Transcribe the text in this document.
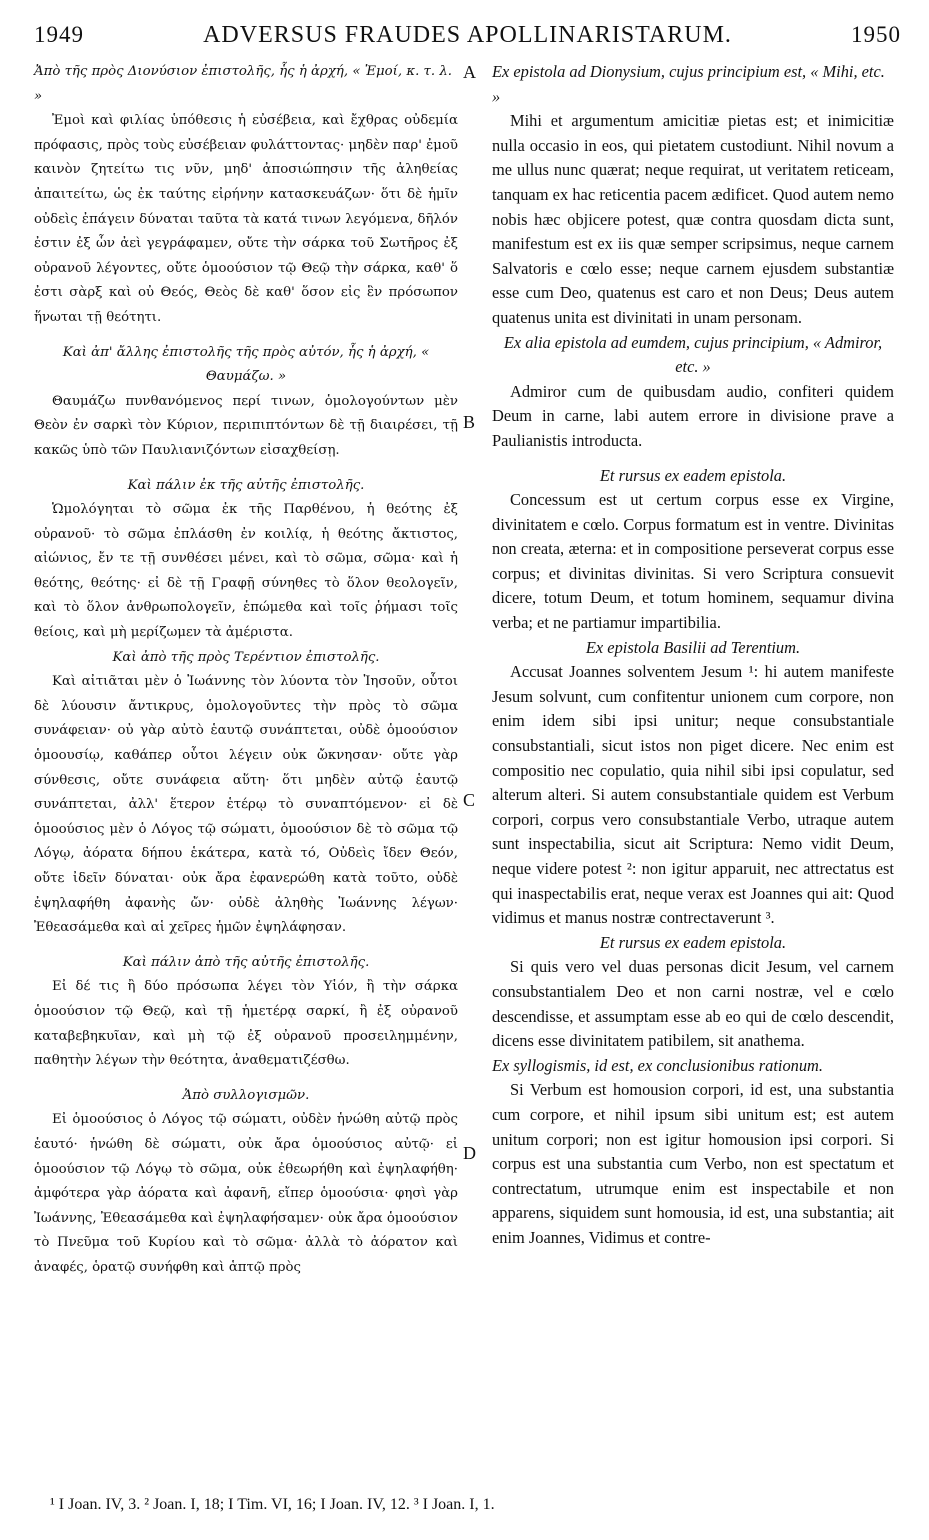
1949	ADVERSUS FRAUDES APOLLINARISTARUM.	1950
A
B
C
D

Ἀπὸ τῆς πρὸς Διονύσιον ἐπιστολῆς, ἧς ἡ ἀρχή, « Ἐμοί, κ. τ. λ. »

Ἐμοὶ καὶ φιλίας ὑπόθεσις ἡ εὐσέβεια, καὶ ἔχθρας οὐδεμία πρόφασις, πρὸς τοὺς εὐσέβειαν φυλάττοντας· μηδὲν παρ' ἐμοῦ καινὸν ζητείτω τις νῦν, μηδ' ἀποσιώπησιν τῆς ἀληθείας ἀπαιτείτω, ὡς ἐκ ταύτης εἰρήνην κατασκευάζων· ὅτι δὲ ἡμῖν οὐδεὶς ἐπάγειν δύναται ταῦτα τὰ κατά τινων λεγόμενα, δῆλόν ἐστιν ἐξ ὧν ἀεὶ γεγράφαμεν, οὔτε τὴν σάρκα τοῦ Σωτῆρος ἐξ οὐρανοῦ λέγοντες, οὔτε ὁμοούσιον τῷ Θεῷ τὴν σάρκα, καθ' ὅ ἐστι σὰρξ καὶ οὐ Θεός, Θεὸς δὲ καθ' ὅσον εἰς ἓν πρόσωπον ἥνωται τῇ θεότητι.

Καὶ ἀπ' ἄλλης ἐπιστολῆς τῆς πρὸς αὐτόν, ἧς ἡ ἀρχή, « Θαυμάζω. »

Θαυμάζω πυνθανόμενος περί τινων, ὁμολογούντων μὲν Θεὸν ἐν σαρκὶ τὸν Κύριον, περιπιπτόντων δὲ τῇ διαιρέσει, τῇ κακῶς ὑπὸ τῶν Παυλιανιζόντων εἰσαχθείσῃ.

Καὶ πάλιν ἐκ τῆς αὐτῆς ἐπιστολῆς.

Ὡμολόγηται τὸ σῶμα ἐκ τῆς Παρθένου, ἡ θεότης ἐξ οὐρανοῦ· τὸ σῶμα ἐπλάσθη ἐν κοιλίᾳ, ἡ θεότης ἄκτιστος, αἰώνιος, ἔν τε τῇ συνθέσει μένει, καὶ τὸ σῶμα, σῶμα· καὶ ἡ θεότης, θεότης· εἰ δὲ τῇ Γραφῇ σύνηθες τὸ ὅλον θεολογεῖν, καὶ τὸ ὅλον ἀνθρωπολογεῖν, ἑπώμεθα καὶ τοῖς ῥήμασι τοῖς θείοις, καὶ μὴ μερίζωμεν τὰ ἀμέριστα.

Καὶ ἀπὸ τῆς πρὸς Τερέντιον ἐπιστολῆς.

Καὶ αἰτιᾶται μὲν ὁ Ἰωάννης τὸν λύοντα τὸν Ἰησοῦν, οὗτοι δὲ λύουσιν ἄντικρυς, ὁμολογοῦντες τὴν πρὸς τὸ σῶμα συνάφειαν· οὐ γὰρ αὐτὸ ἑαυτῷ συνάπτεται, οὐδὲ ὁμοούσιον ὁμοουσίῳ, καθάπερ οὗτοι λέγειν οὐκ ὤκνησαν· οὔτε γὰρ σύνθεσις, οὔτε συνάφεια αὕτη· ὅτι μηδὲν αὐτῷ ἑαυτῷ συνάπτεται, ἀλλ' ἕτερον ἑτέρῳ τὸ συναπτόμενον· εἰ δὲ ὁμοούσιος μὲν ὁ Λόγος τῷ σώματι, ὁμοούσιον δὲ τὸ σῶμα τῷ Λόγῳ, ἀόρατα δήπου ἑκάτερα, κατὰ τό, Οὐδεὶς ἴδεν Θεόν, οὔτε ἰδεῖν δύναται· οὐκ ἄρα ἐφανερώθη κατὰ τοῦτο, οὐδὲ ἐψηλαφήθη ἀφανὴς ὤν· οὐδὲ ἀληθὴς Ἰωάννης λέγων· Ἐθεασάμεθα καὶ αἱ χεῖρες ἡμῶν ἐψηλάφησαν.

Καὶ πάλιν ἀπὸ τῆς αὐτῆς ἐπιστολῆς.

Εἰ δέ τις ἢ δύο πρόσωπα λέγει τὸν Υἱόν, ἢ τὴν σάρκα ὁμοούσιον τῷ Θεῷ, καὶ τῇ ἡμετέρᾳ σαρκί, ἢ ἐξ οὐρανοῦ καταβεβηκυῖαν, καὶ μὴ τῷ ἐξ οὐρανοῦ προσειλημμένην, παθητὴν λέγων τὴν θεότητα, ἀναθεματιζέσθω.

Ἀπὸ συλλογισμῶν.

Εἰ ὁμοούσιος ὁ Λόγος τῷ σώματι, οὐδὲν ἡνώθη αὐτῷ πρὸς ἑαυτό· ἡνώθη δὲ σώματι, οὐκ ἄρα ὁμοούσιος αὐτῷ· εἰ ὁμοούσιον τῷ Λόγῳ τὸ σῶμα, οὐκ ἐθεωρήθη καὶ ἐψηλαφήθη· ἀμφότερα γὰρ ἀόρατα καὶ ἀφανῆ, εἴπερ ὁμοούσια· φησὶ γὰρ Ἰωάννης, Ἐθεασάμεθα καὶ ἐψηλαφήσαμεν· οὐκ ἄρα ὁμοούσιον τὸ Πνεῦμα τοῦ Κυρίου καὶ τὸ σῶμα· ἀλλὰ τὸ ἀόρατον καὶ ἀναφές, ὁρατῷ συνήφθη καὶ ἁπτῷ πρὸς

Ex epistola ad Dionysium, cujus principium est, « Mihi, etc. »

Mihi et argumentum amicitiæ pietas est; et inimicitiæ nulla occasio in eos, qui pietatem custodiunt. Nihil novum a me ullus nunc quærat; neque requirat, ut veritatem reticeam, tanquam ex hac reticentia pacem ædificet. Quod autem nemo nobis hæc objicere potest, quæ contra quosdam dicta sunt, manifestum est ex iis quæ semper scripsimus, neque carnem Salvatoris e cœlo esse; neque carnem ejusdem substantiæ esse cum Deo, quatenus est caro et non Deus; Deus autem quatenus unita est divinitati in unam personam.

Ex alia epistola ad eumdem, cujus principium, « Admiror, etc. »

Admiror cum de quibusdam audio, confiteri quidem Deum in carne, labi autem errore in divisione prave a Paulianistis introducta.

Et rursus ex eadem epistola.

Concessum est ut certum corpus esse ex Virgine, divinitatem e cœlo. Corpus formatum est in ventre. Divinitas non creata, æterna: et in compositione perseverat corpus esse corpus; et divinitas divinitas. Si vero Scriptura consuevit dicere, totum Deum, et totum hominem, sequamur divina verba; et ne partiamur impartibilia.

Ex epistola Basilii ad Terentium.

Accusat Joannes solventem Jesum ¹: hi autem manifeste Jesum solvunt, cum confitentur unionem cum corpore, non enim idem sibi ipsi unitur; neque consubstantiale consubstantiali, sicut istos non piget dicere. Nec enim est compositio nec copulatio, quia nihil sibi ipsi copulatur, sed alterum alteri. Si autem consubstantiale quidem est Verbum corpori, corpus vero consubstantiale Verbo, utraque autem sunt inspectabilia, sicut ait Scriptura: Nemo vidit Deum, neque videre potest ²: non igitur apparuit, nec attrectatus est qui inaspectabilis erat, neque verax est Joannes qui ait: Quod vidimus et manus nostræ contrectaverunt ³.

Et rursus ex eadem epistola.

Si quis vero vel duas personas dicit Jesum, vel carnem consubstantialem Deo et non carni nostræ, vel e cœlo descendisse, et assumptam esse ab eo qui de cœlo descendit, dicens esse divinitatem patibilem, sit anathema.

Ex syllogismis, id est, ex conclusionibus rationum.

Si Verbum est homousion corpori, id est, una substantia cum corpore, et nihil ipsum sibi unitum est; est autem unitum corpori; non est igitur homousion ipsi corpori. Si corpus est una substantia cum Verbo, non est spectatum et contrectatum, utrumque enim est inspectabile et non apparens, siquidem sunt homousia, id est, una substantia; ait enim Joannes, Vidimus et contre-

¹ I Joan. IV, 3. ² Joan. I, 18; I Tim. VI, 16; I Joan. IV, 12. ³ I Joan. I, 1.
